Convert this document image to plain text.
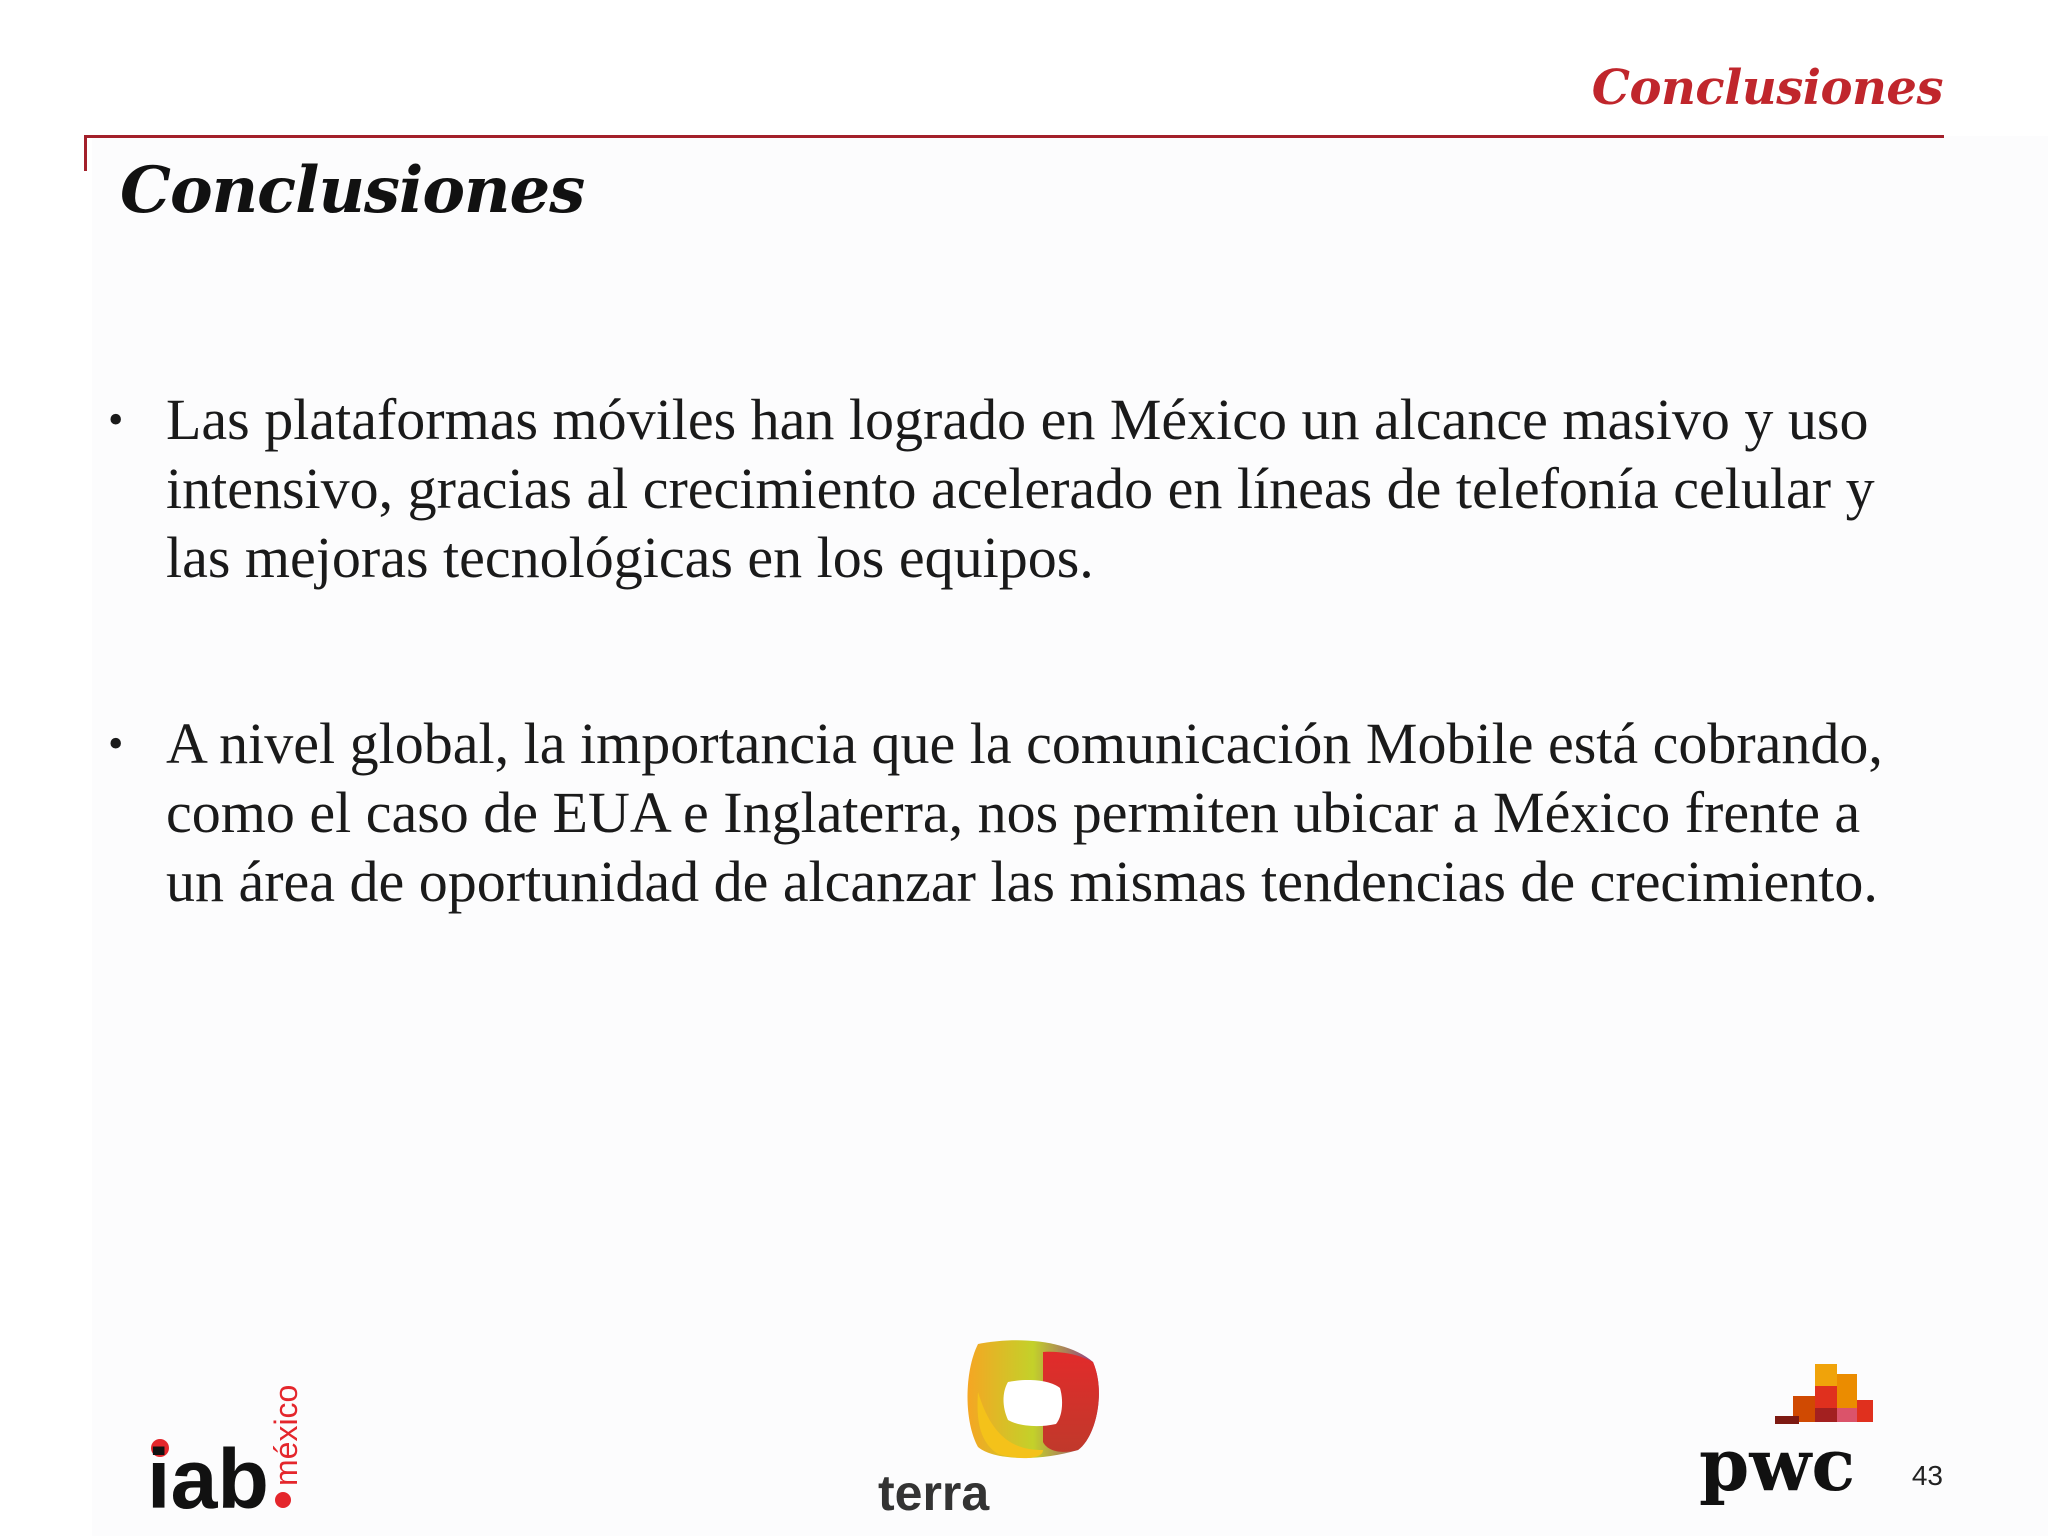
Conclusiones
Conclusiones
• Las plataformas móviles han logrado en México un alcance masivo y uso intensivo, gracias al crecimiento acelerado en líneas de telefonía celular y las mejoras tecnológicas en los equipos.
• A nivel global, la importancia que la comunicación Mobile está cobrando, como el caso de EUA e Inglaterra, nos permiten ubicar a México frente a un área de oportunidad de alcanzar las mismas tendencias de crecimiento.
iab méxico
terra	pwc 43
